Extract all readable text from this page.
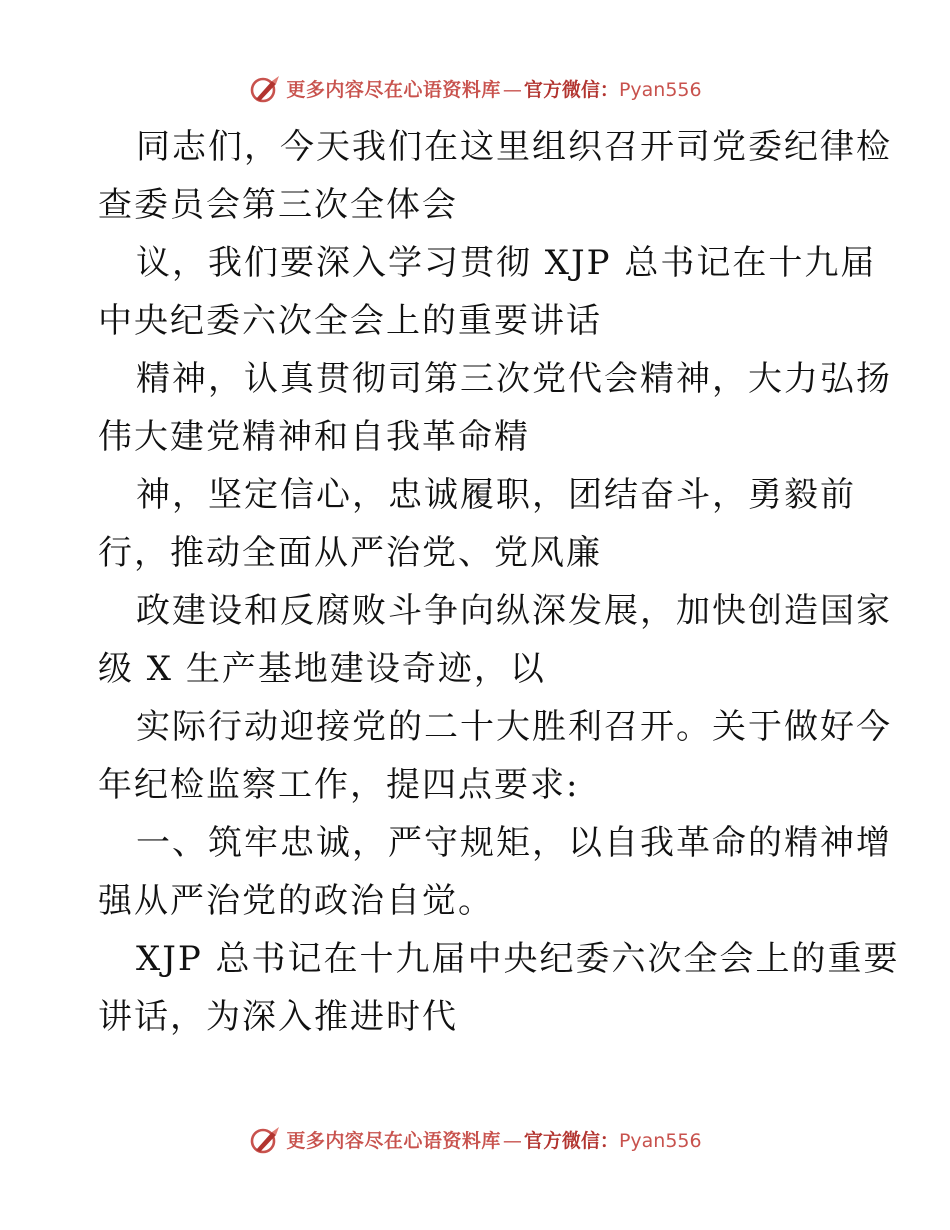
更多内容尽在心语资料库 — 官方微信： Pyan556

同志们，今天我们在这里组织召开司党委纪律检
查委员会第三次全体会

议，我们要深入学习贯彻 XJP 总书记在十九届
中央纪委六次全会上的重要讲话

精神，认真贯彻司第三次党代会精神，大力弘扬
伟大建党精神和自我革命精

神，坚定信心，忠诚履职，团结奋斗，勇毅前
行，推动全面从严治党、党风廉

政建设和反腐败斗争向纵深发展，加快创造国家
级 X 生产基地建设奇迹，以

实际行动迎接党的二十大胜利召开。关于做好今
年纪检监察工作，提四点要求:

一、筑牢忠诚，严守规矩，以自我革命的精神增
强从严治党的政治自觉。

XJP 总书记在十九届中央纪委六次全会上的重要
讲话，为深入推进时代

更多内容尽在心语资料库 — 官方微信： Pyan556
